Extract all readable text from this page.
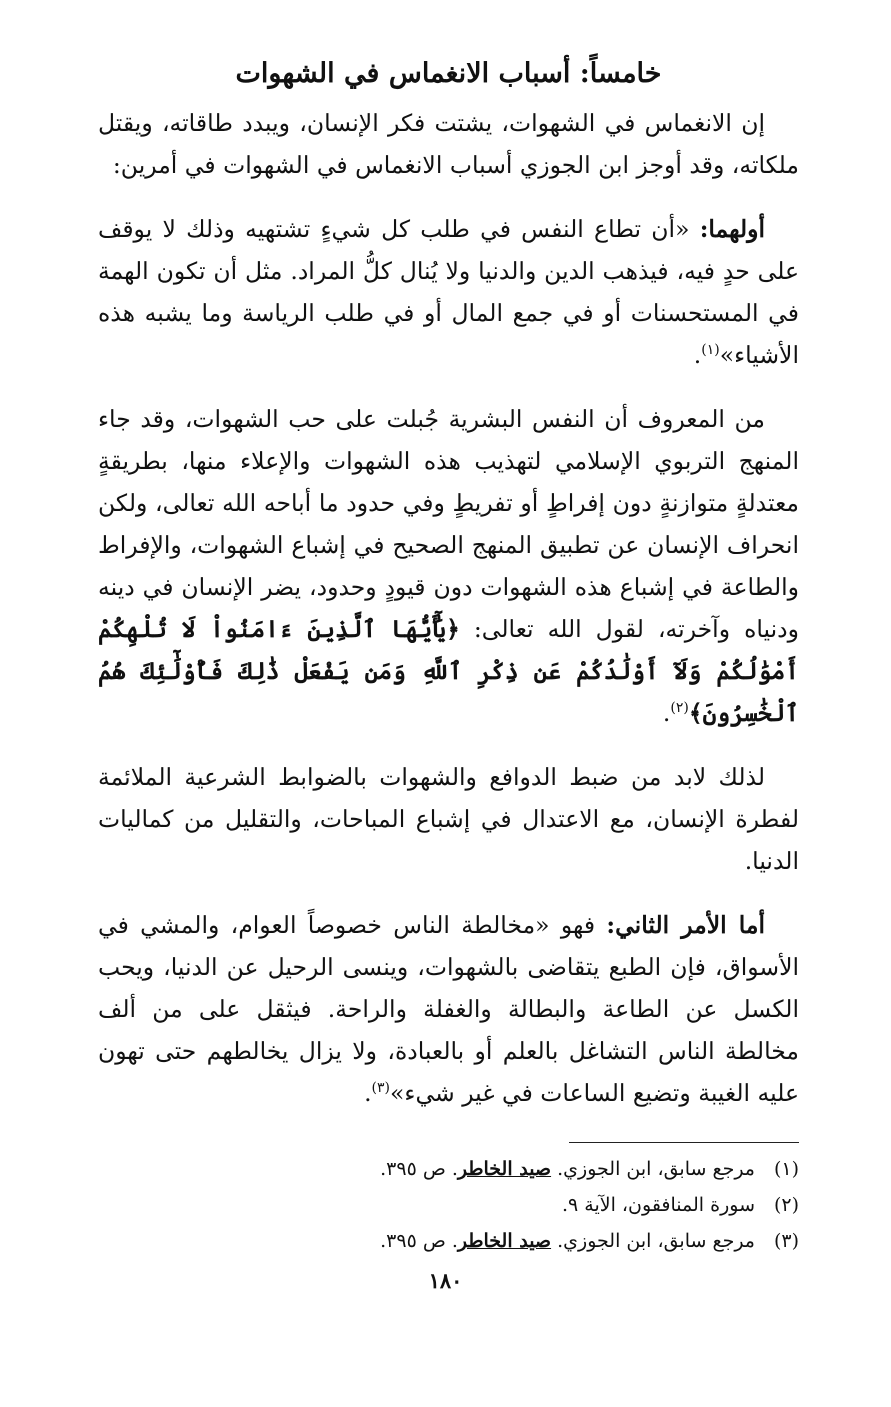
خامساً: أسباب الانغماس في الشهوات

إن الانغماس في الشهوات، يشتت فكر الإنسان، ويبدد طاقاته، ويقتل ملكاته، وقد أوجز ابن الجوزي أسباب الانغماس في الشهوات في أمرين:

أولهما: «أن تطاع النفس في طلب كل شيءٍ تشتهيه وذلك لا يوقف على حدٍ فيه، فيذهب الدين والدنيا ولا يُنال كلُّ المراد. مثل أن تكون الهمة في المستحسنات أو في جمع المال أو في طلب الرياسة وما يشبه هذه الأشياء»$^{(١)}$.

من المعروف أن النفس البشرية جُبلت على حب الشهوات، وقد جاء المنهج التربوي الإسلامي لتهذيب هذه الشهوات والإعلاء منها، بطريقةٍ معتدلةٍ متوازنةٍ دون إفراطٍ أو تفريطٍ وفي حدود ما أباحه الله تعالى، ولكن انحراف الإنسان عن تطبيق المنهج الصحيح في إشباع الشهوات، والإفراط والطاعة في إشباع هذه الشهوات دون قيودٍ وحدود، يضر الإنسان في دينه ودنياه وآخرته، لقول الله تعالى: ﴿يَٰٓأَيُّهَا ٱلَّذِينَ ءَامَنُواْ لَا تُلْهِكُمْ أَمْوَٰلُكُمْ وَلَآ أَوْلَٰدُكُمْ عَن ذِكْرِ ٱللَّهِ وَمَن يَفْعَلْ ذَٰلِكَ فَأُوْلَٰٓئِكَ هُمُ ٱلْخَٰسِرُونَ﴾$^{(٢)}$.

لذلك لابد من ضبط الدوافع والشهوات بالضوابط الشرعية الملائمة لفطرة الإنسان، مع الاعتدال في إشباع المباحات، والتقليل من كماليات الدنيا.

أما الأمر الثاني: فهو «مخالطة الناس خصوصاً العوام، والمشي في الأسواق، فإن الطبع يتقاضى بالشهوات، وينسى الرحيل عن الدنيا، ويحب الكسل عن الطاعة والبطالة والغفلة والراحة. فيثقل على من ألف مخالطة الناس التشاغل بالعلم أو بالعبادة، ولا يزال يخالطهم حتى تهون عليه الغيبة وتضيع الساعات في غير شيء»$^{(٣)}$.

(١)
مرجع سابق، ابن الجوزي. صيد الخاطر. ص ٣٩٥.
(٢)
سورة المنافقون، الآية ٩.
(٣)
مرجع سابق، ابن الجوزي. صيد الخاطر. ص ٣٩٥.
١٨٠
